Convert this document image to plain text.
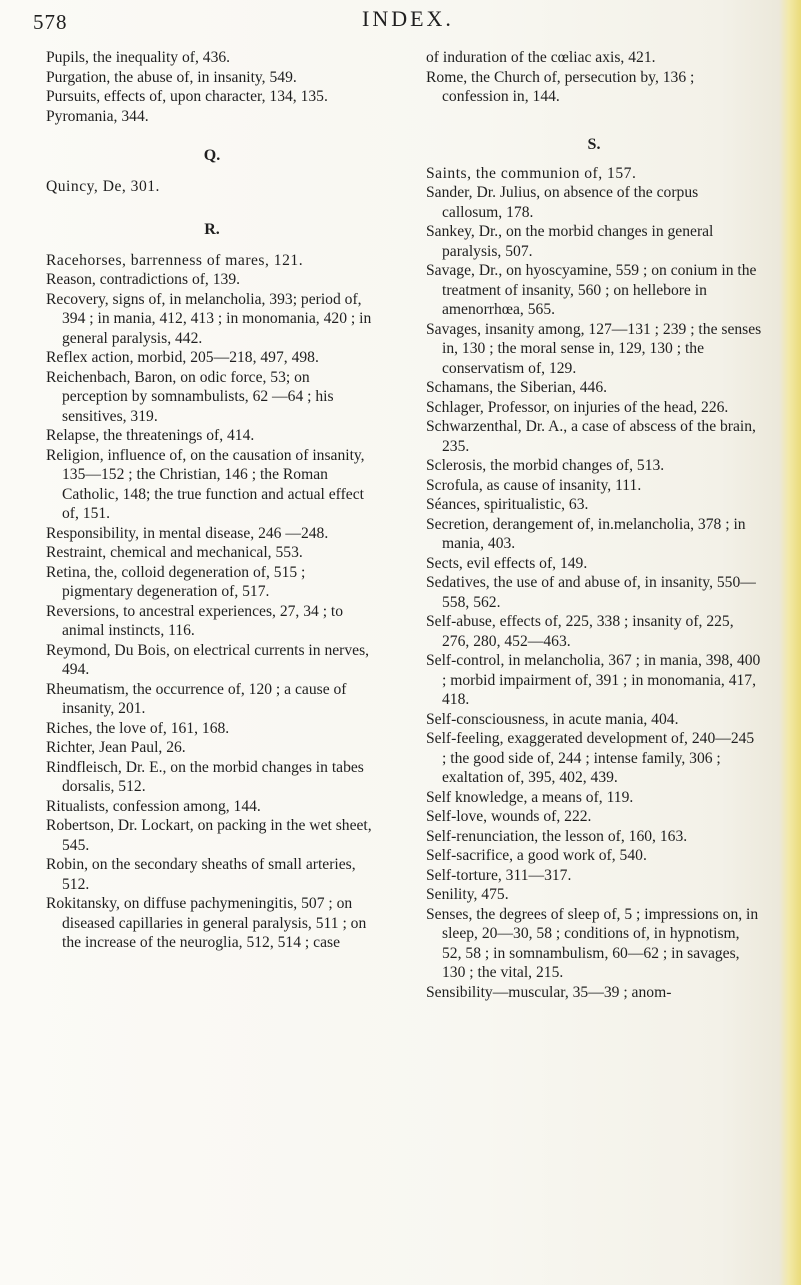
578	INDEX.
Pupils, the inequality of, 436.
Purgation, the abuse of, in insanity, 549.
Pursuits, effects of, upon character, 134, 135.
Pyromania, 344.
Q.
Quincy, De, 301.
R.
Racehorses, barrenness of mares, 121.
Reason, contradictions of, 139.
Recovery, signs of, in melancholia, 393; period of, 394 ; in mania, 412, 413 ; in monomania, 420 ; in general paralysis, 442.
Reflex action, morbid, 205—218, 497, 498.
Reichenbach, Baron, on odic force, 53; on perception by somnambulists, 62 —64 ; his sensitives, 319.
Relapse, the threatenings of, 414.
Religion, influence of, on the causation of insanity, 135—152 ; the Christian, 146 ; the Roman Catholic, 148; the true function and actual effect of, 151.
Responsibility, in mental disease, 246 —248.
Restraint, chemical and mechanical, 553.
Retina, the, colloid degeneration of, 515 ; pigmentary degeneration of, 517.
Reversions, to ancestral experiences, 27, 34 ; to animal instincts, 116.
Reymond, Du Bois, on electrical currents in nerves, 494.
Rheumatism, the occurrence of, 120 ; a cause of insanity, 201.
Riches, the love of, 161, 168.
Richter, Jean Paul, 26.
Rindfleisch, Dr. E., on the morbid changes in tabes dorsalis, 512.
Ritualists, confession among, 144.
Robertson, Dr. Lockart, on packing in the wet sheet, 545.
Robin, on the secondary sheaths of small arteries, 512.
Rokitansky, on diffuse pachymeningitis, 507 ; on diseased capillaries in general paralysis, 511 ; on the increase of the neuroglia, 512, 514 ; case
of induration of the cœliac axis, 421.
Rome, the Church of, persecution by, 136 ; confession in, 144.
S.
Saints, the communion of, 157.
Sander, Dr. Julius, on absence of the corpus callosum, 178.
Sankey, Dr., on the morbid changes in general paralysis, 507.
Savage, Dr., on hyoscyamine, 559 ; on conium in the treatment of insanity, 560 ; on hellebore in amenorrhœa, 565.
Savages, insanity among, 127—131 ; 239 ; the senses in, 130 ; the moral sense in, 129, 130 ; the conservatism of, 129.
Schamans, the Siberian, 446.
Schlager, Professor, on injuries of the head, 226.
Schwarzenthal, Dr. A., a case of abscess of the brain, 235.
Sclerosis, the morbid changes of, 513.
Scrofula, as cause of insanity, 111.
Séances, spiritualistic, 63.
Secretion, derangement of, in.melancholia, 378 ; in mania, 403.
Sects, evil effects of, 149.
Sedatives, the use of and abuse of, in insanity, 550—558, 562.
Self-abuse, effects of, 225, 338 ; insanity of, 225, 276, 280, 452—463.
Self-control, in melancholia, 367 ; in mania, 398, 400 ; morbid impairment of, 391 ; in monomania, 417, 418.
Self-consciousness, in acute mania, 404.
Self-feeling, exaggerated development of, 240—245 ; the good side of, 244 ; intense family, 306 ; exaltation of, 395, 402, 439.
Self knowledge, a means of, 119.
Self-love, wounds of, 222.
Self-renunciation, the lesson of, 160, 163.
Self-sacrifice, a good work of, 540.
Self-torture, 311—317.
Senility, 475.
Senses, the degrees of sleep of, 5 ; impressions on, in sleep, 20—30, 58 ; conditions of, in hypnotism, 52, 58 ; in somnambulism, 60—62 ; in savages, 130 ; the vital, 215.
Sensibility—muscular, 35—39 ; anom-
